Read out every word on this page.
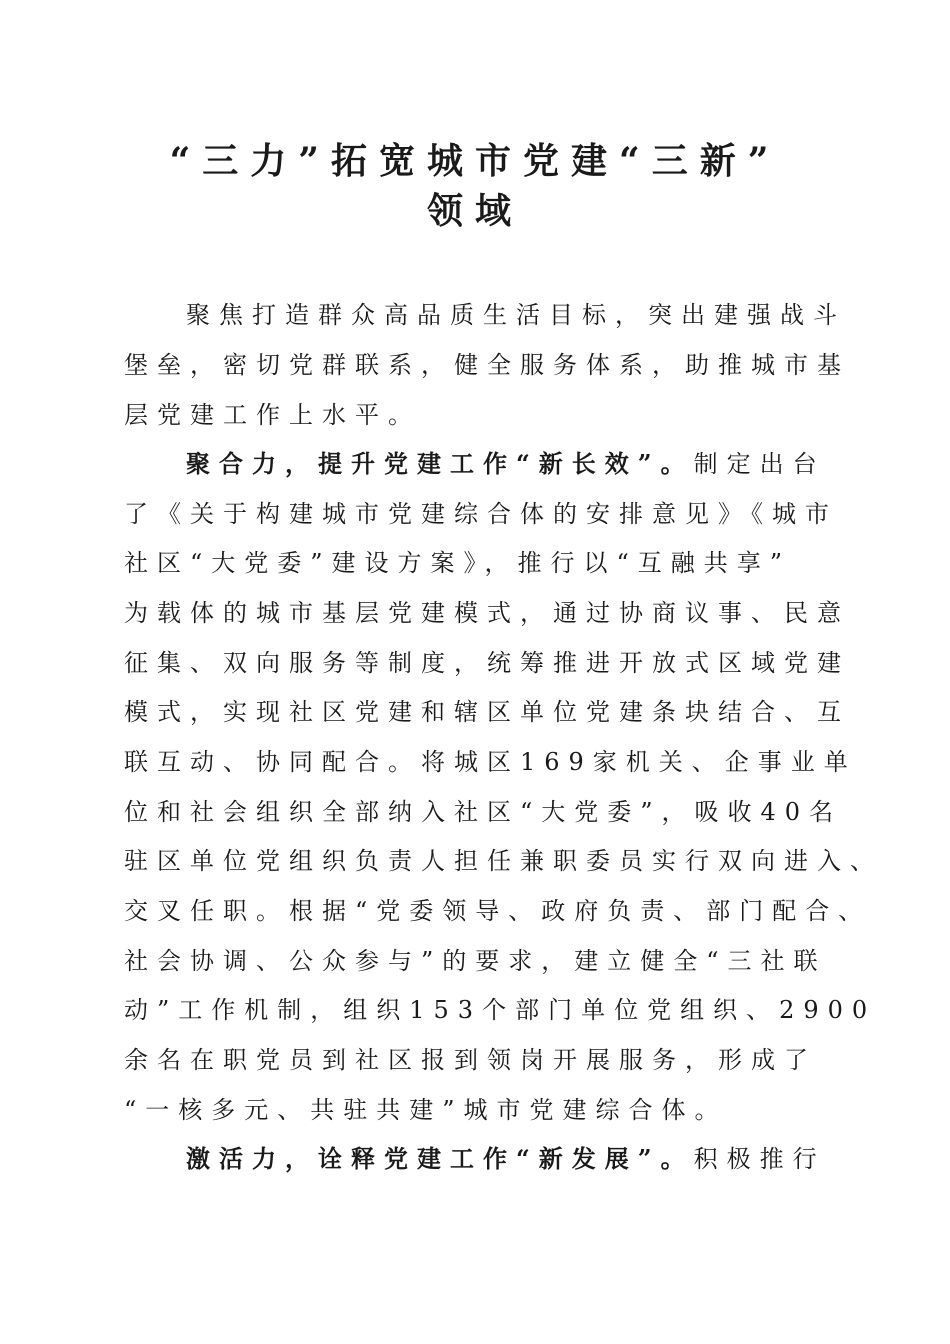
“三力”拓宽城市党建“三新”
领域

聚焦打造群众高品质生活目标，突出建强战斗

堡垒，密切党群联系，健全服务体系，助推城市基

层党建工作上水平。

聚合力，提升党建工作“新长效”。制定出台

了《关于构建城市党建综合体的安排意见》《城市

社区“大党委”建设方案》，推行以“互融共享”

为载体的城市基层党建模式，通过协商议事、民意

征集、双向服务等制度，统筹推进开放式区域党建

模式，实现社区党建和辖区单位党建条块结合、互

联互动、协同配合。将城区169家机关、企事业单

位和社会组织全部纳入社区“大党委”，吸收40名

驻区单位党组织负责人担任兼职委员实行双向进入、

交叉任职。根据“党委领导、政府负责、部门配合、

社会协调、公众参与”的要求，建立健全“三社联

动”工作机制，组织153个部门单位党组织、2900

余名在职党员到社区报到领岗开展服务，形成了

“一核多元、共驻共建”城市党建综合体。

激活力，诠释党建工作“新发展”。积极推行
